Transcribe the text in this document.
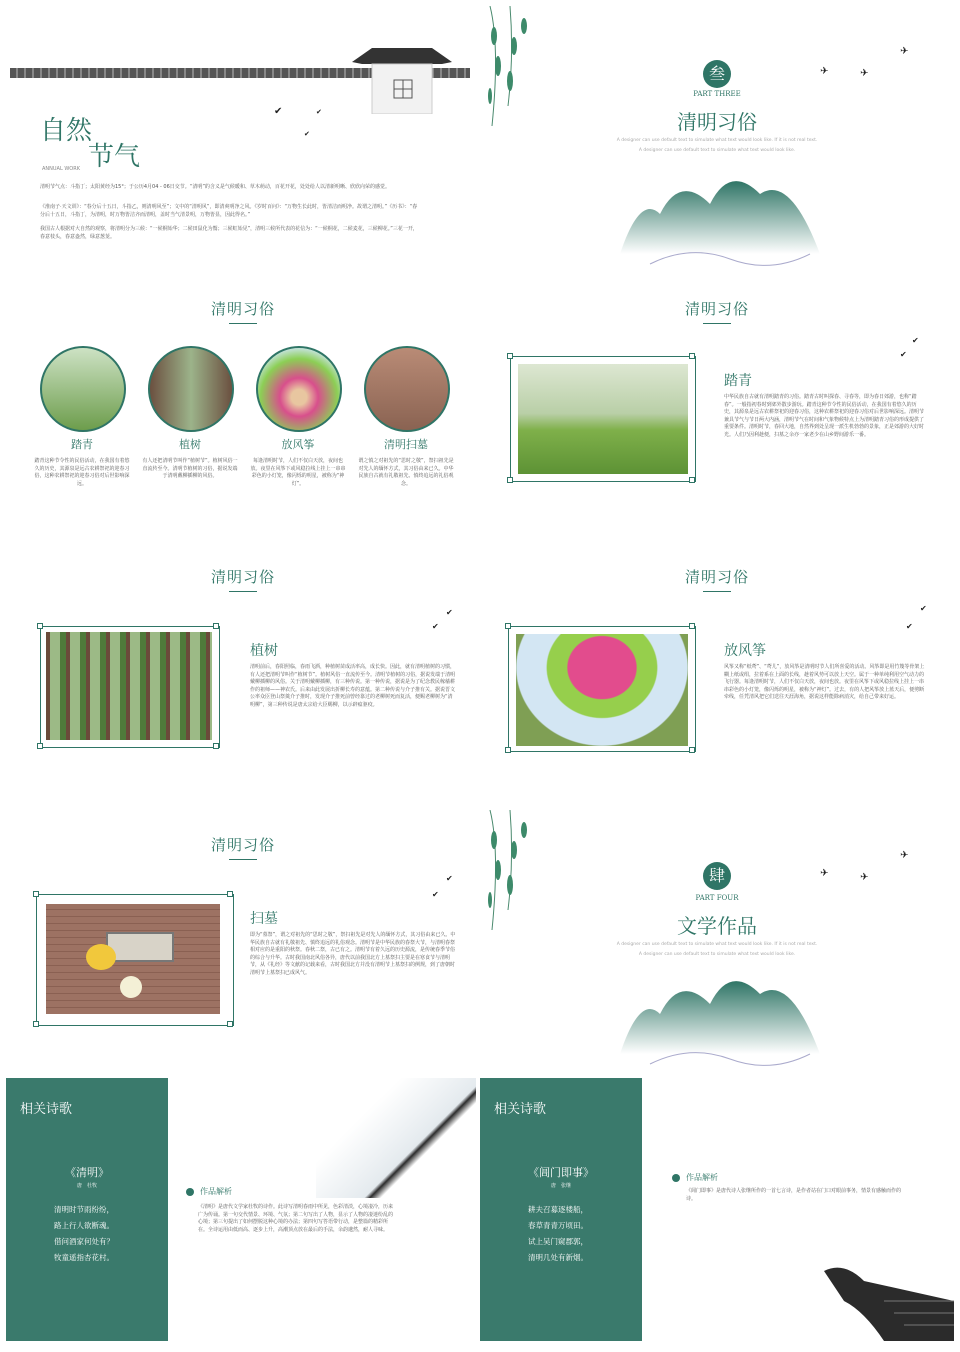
✔	✔
✔
自然
节气
ANNUAL WORK
清明节气点：斗指丁；太阳黄经为15°；于公历4月04 - 06日交节。“清明”的含义是气候暖和、草木萌动，百花开花，处处给人以清新明晰、欣欣向荣的感觉。
《淮南子·天文训》：“春分后十五日，斗指乙，则清明风至”；文中的“清明风”，即清爽明净之风。《岁时百问》：“万物生长此时，皆清洁而明净。故谓之清明。”《历书》：“春分后十五日，斗指丁，为清明，时万物皆洁齐而清明，盖时当气清景明，万物皆显，因此得名。”
我国古人根据对大自然的观察，将清明分为三候：“一候桐始华；二候田鼠化为鴽；三候虹始见”，清明三候所代表的花信为：“一候桐花，二候麦花，三候柳花。”三花一开，春意枝头，春意盎然，绿意葱茏。
✈	✈
✈
叁
PART THREE
清明习俗
A designer can use default text to simulate what text would look like. If it is not real text.
A designer can use default text to simulate what text would look like.
清明习俗
踏青
踏青这种节令性的民俗活动，在我国有着悠久的历史，其源泉是远古农耕祭祀的迎春习俗，这种农耕祭祀的迎春习俗对后世影响深远。
植树
有人还把清明节叫作“植树节”。植树风俗一直流传至今。清明节植树的习俗，据说发端于清明戴柳插柳的风俗。
放风筝
每逢清明时节，人们不仅白天放，夜间也放。夜里在风筝下或风稳拉线上挂上一串串彩色的小灯笼，像闪烁的明星，被称为“神灯”。
清明扫墓
谓之慎之对祖先的“思时之敬”，祭扫祖先是对先人的缅怀方式，其习俗由来已久。中华民族自古就有礼敬祖先、慎终追远的礼俗观念。
清明习俗
✔
✔
踏青
中华民族自古就有清明踏青的习俗。踏青古时叫探春、寻春等，即为春日郊游，也称“踏春”。一般指初春时到郊外散步游玩。踏青这种节令性的民俗活动，在我国有着悠久的历史，其源泉是远古农耕祭祀的迎春习俗，这种农耕祭祀的迎春习俗对后世影响深远。清明节兼具节气与节日两大内涵，清明节气在时间和气象物候特点上为清明踏青习俗的形成提供了重要条件。清明时节，春回大地，自然界到处呈现一派生机勃勃的景象，正是郊游的大好时光。人们乃因利趁便，扫墓之余亦一家老少在山乡野间游乐一番。
清明习俗
✔
✔
植树
清明前后，春阳照临，春雨飞洒，种植树苗成活率高，成长快。因此，就有清明植树的习惯，有人还把清明节叫作“植树节”。植树风俗一直流传至今。清明节植树的习俗，据说发端于清明戴柳插柳的风俗。关于清明戴柳插柳，有三种传说。第一种传说，据说是为了纪念教民稼穑耕作的祖师——神农氏。后来由此发展出折柳长寿的意蕴。第二种传说与介子推有关。据说晋文公率众臣登山祭奠介子推时，发现介子推死前曾经靠过的老柳树死而复活，便赐老柳树为“清明柳”，第三种传说是唐太宗给大臣赐柳，以示辟瘟驱疫。
清明习俗
✔
✔
放风筝
风筝又称“纸鸢”、“鸢儿”，放风筝是清明时节人们所喜爱的活动。风筝即是用竹篾等骨架上糊上纸或绢，拉着系在上面的长线，趁着风势可以放上天空。属于一种单纯利用空气动力的飞行器。每逢清明时节，人们不仅白天放，夜间也放。夜里在风筝下或风稳拉线上挂上一串串彩色的小灯笼，像闪烁的明星，被称为“神灯”。过去，有的人把风筝放上蓝天后，便剪断牵线，任凭清风把它们送往天涯海角，据说这样能除病消灾，给自己带来好运。
清明习俗
✔
✔
扫墓
即为“墓祭”，谓之对祖先的“思时之敬”，祭扫祖先是对先人的缅怀方式，其习俗由来已久。中华民族自古就有礼敬祖先、慎终追远的礼俗观念。清明节是中华民族的春祭大节，与清明春祭相对应的是重阳的秋祭。春秋二祭，古已有之。清明节有着久远的历史源流，是传统春季节俗的综合与升华。古时我国南北风俗各异，唐代以前我国北方上墓祭扫主要是在寒食节与清明节，从《礼经》等文献的记载来看，古时我国北方并没有清明节上墓祭扫的例规，到了唐朝时清明节上墓祭扫已成风气。
✈	✈
✈
肆
PART FOUR
文学作品
A designer can use default text to simulate what text would look like. If it is not real text.
A designer can use default text to simulate what text would look like.
相关诗歌
《清明》
唐　杜牧
清明时节雨纷纷，
路上行人欲断魂。
借问酒家何处有？
牧童遥指杏花村。
作品解析
《清明》是唐代文学家杜牧的诗作。此诗写清明春雨中所见，色彩清淡，心境凄冷，历来广为传诵。第一句交代情景、环境、气氛；第二句写出了人物，显示了人物的凄迷纷乱的心境；第三句提出了如何摆脱这种心境的办法；第四句写答语带行动，是整篇的精彩所在。全诗运用由低而高、逐步上升，高潮顶点放在最后的手法，余韵邈然，耐人寻味。
相关诗歌
《阊门即事》
唐　张继
耕夫召募逐楼船，
春草青青万顷田。
试上吴门窥郡郭，
清明几处有新烟。
作品解析
《阊门即事》是唐代诗人张继所作的一首七言诗，是作者站在门口对眼前事务，情景有感触而作的诗。
